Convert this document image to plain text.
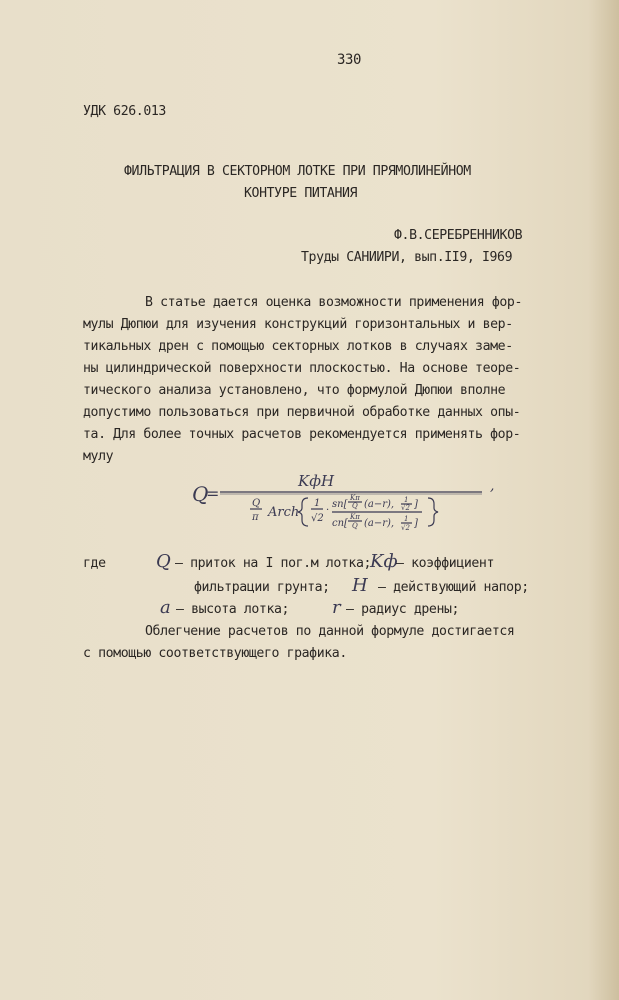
330
УДК 626.013
ФИЛЬТРАЦИЯ В СЕКТОРНОМ ЛОТКЕ ПРИ ПРЯМОЛИНЕЙНОМ
КОНТУРЕ ПИТАНИЯ
Ф.В.СЕРЕБРЕННИКОВ
Труды САНИИРИ, вып.II9, I969
В статье дается оценка возможности применения фор-
мулы Дюпюи для изучения конструкций горизонтальных и вер-
тикальных дрен с помощью секторных лотков в случаях заме-
ны цилиндрической поверхности плоскостью. На основе теоре-
тического анализа установлено, что формулой Дюпюи вполне
допустимо пользоваться при первичной обработке данных опы-
та. Для более точных расчетов рекомендуется применять фор-
мулу
Q
=
KфH
Q
π Arch
1
√2
·
sn[
Kπ
Q (a−r), 1
√2 ]
cn[
Kπ
Q (a−r), 1
√2 ]
,
где	Q – приток на I пог.м лотка;
Kф
– коэффициент
фильтрации грунта; H – действующий напор;
a – высота лотка; r – радиус дрены;
Облегчение расчетов по данной формуле достигается
с помощью соответствующего графика.
